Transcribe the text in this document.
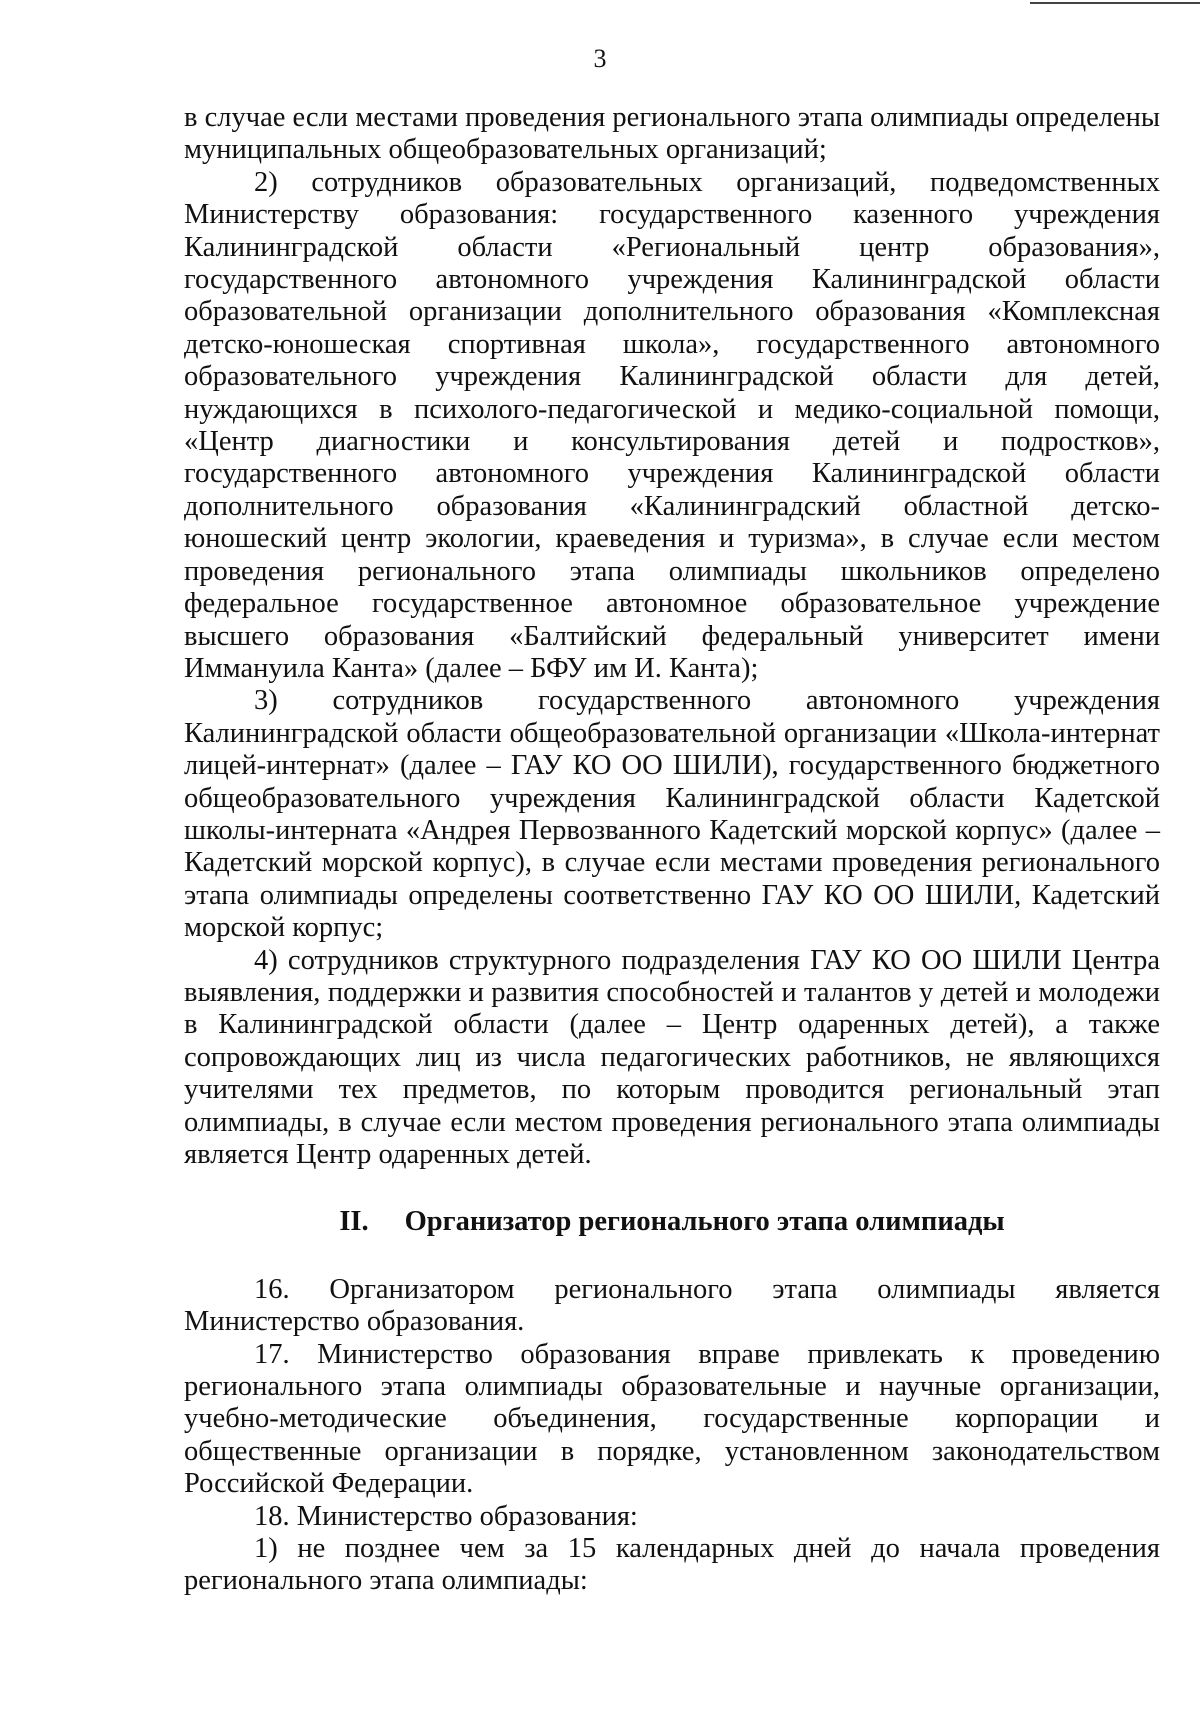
3

в случае если местами проведения регионального этапа олимпиады определены муниципальных общеобразовательных организаций;

2) сотрудников образовательных организаций, подведомственных Министерству образования: государственного казенного учреждения Калининградской области «Региональный центр образования», государственного автономного учреждения Калининградской области образовательной организации дополнительного образования «Комплексная детско-юношеская спортивная школа», государственного автономного образовательного учреждения Калининградской области для детей, нуждающихся в психолого-педагогической и медико-социальной помощи, «Центр диагностики и консультирования детей и подростков», государственного автономного учреждения Калининградской области дополнительного образования «Калининградский областной детско-юношеский центр экологии, краеведения и туризма», в случае если местом проведения регионального этапа олимпиады школьников определено федеральное государственное автономное образовательное учреждение высшего образования «Балтийский федеральный университет имени Иммануила Канта» (далее – БФУ им И. Канта);

3) сотрудников государственного автономного учреждения Калининградской области общеобразовательной организации «Школа-интернат лицей-интернат» (далее – ГАУ КО ОО ШИЛИ), государственного бюджетного общеобразовательного учреждения Калининградской области Кадетской школы-интерната «Андрея Первозванного Кадетский морской корпус» (далее – Кадетский морской корпус), в случае если местами проведения регионального этапа олимпиады определены соответственно ГАУ КО ОО ШИЛИ, Кадетский морской корпус;

4) сотрудников структурного подразделения ГАУ КО ОО ШИЛИ Центра выявления, поддержки и развития способностей и талантов у детей и молодежи в Калининградской области (далее – Центр одаренных детей), а также сопровождающих лиц из числа педагогических работников, не являющихся учителями тех предметов, по которым проводится региональный этап олимпиады, в случае если местом проведения регионального этапа олимпиады является Центр одаренных детей.

II. Организатор регионального этапа олимпиады

16. Организатором регионального этапа олимпиады является Министерство образования.

17. Министерство образования вправе привлекать к проведению регионального этапа олимпиады образовательные и научные организации, учебно-методические объединения, государственные корпорации и общественные организации в порядке, установленном законодательством Российской Федерации.

18. Министерство образования:

1) не позднее чем за 15 календарных дней до начала проведения регионального этапа олимпиады:
